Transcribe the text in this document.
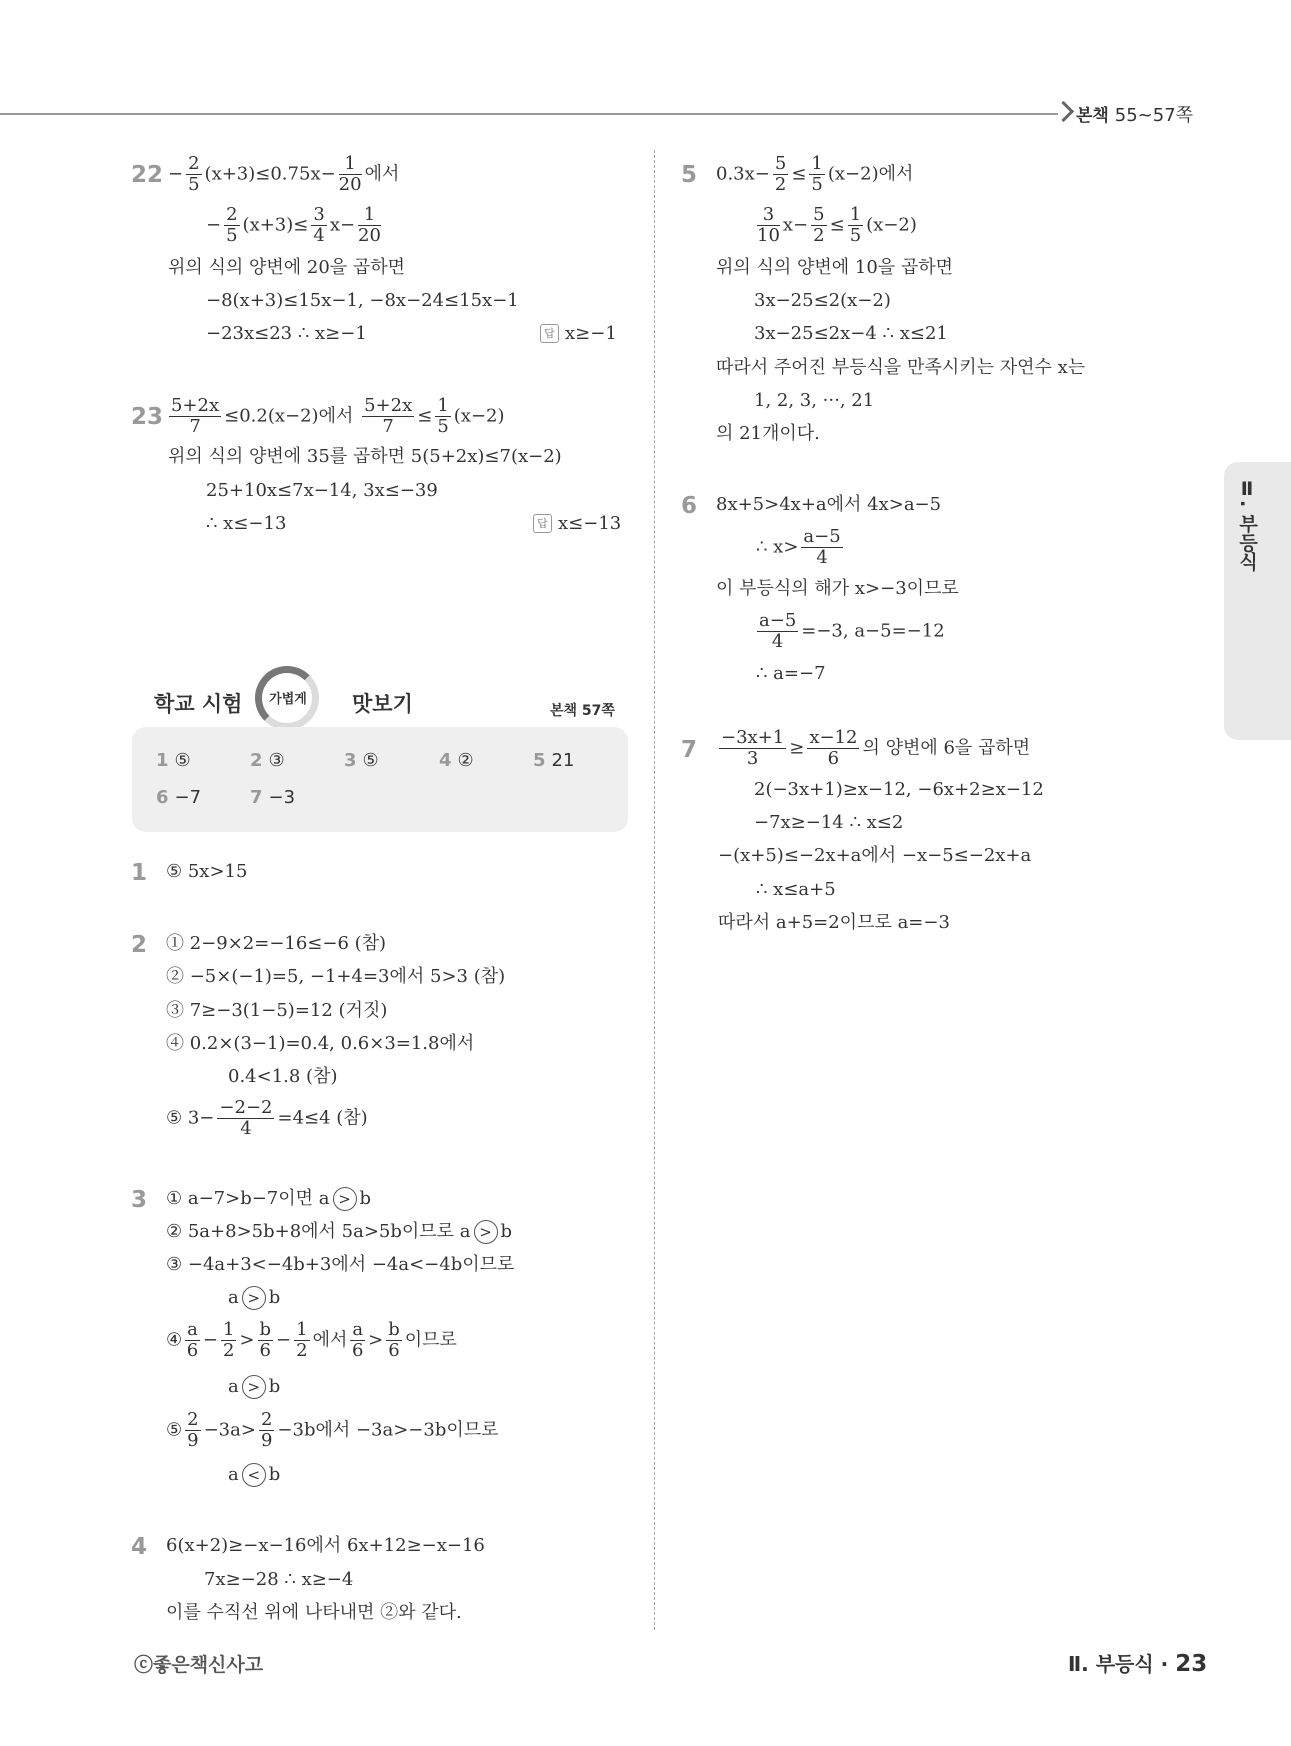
본책 55~57쪽
Ⅱ. 부등식
$22 - \frac{2}{5} (x+3)\le 0.75x- \frac{1}{20}$ 에서
− $\frac{2}{5} (x+3)\le \frac{3}{4} x- \frac{1}{20}$
위의 식의 양변에 20을 곱하면
−8(x+3)≤15x−1, −8x−24≤15x−1
−23x≤23 ∴ x≥−1	답 x≥−1
$23 \frac{5+2x}{7} \le 0.2(x-2)$에서 $\frac{5+2x}{7} \le \frac{1}{5} (x-2)$
위의 식의 양변에 35를 곱하면 5(5+2x)≤7(x−2)
25+10x≤7x−14, 3x≤−39
∴ x≤−13	답 x≤−13
학교 시험	가볍게	맛보기	본책 57쪽
1 ⑤	2 ③	3 ⑤	4 ②	5 21
6 −7	7 −3
1 ⑤ 5x>15
2 ① 2−9×2=−16≤−6 (참)
② −5×(−1)=5, −1+4=3에서 5>3 (참)
③ 7≥−3(1−5)=12 (거짓)
④ 0.2×(3−1)=0.4, 0.6×3=1.8에서
0.4<1.8 (참)
⑤ $3- \frac{-2-2}{4} =4\le 4$ (참)
3 ① a−7>b−7이면 a > b
② 5a+8>5b+8에서 5a>5b이므로 a > b
③ −4a+3<−4b+3에서 −4a<−4b이므로
a > b
④ $\frac{a}{6} - \frac{1}{2} > \frac{b}{6} - \frac{1}{2}$ 에서 $\frac{a}{6} > \frac{b}{6}$ 이므로
a > b
⑤ $\frac{2}{9} -3a> \frac{2}{9} -3b$에서 −3a>−3b이므로
a < b
4 6(x+2)≥−x−16에서 6x+12≥−x−16
7x≥−28 ∴ x≥−4
이를 수직선 위에 나타내면 ②와 같다.
5 $0.3x- \frac{5}{2} \le \frac{1}{5} (x-2)$에서
$\frac{3}{10} x- \frac{5}{2} \le \frac{1}{5} (x-2)$
위의 식의 양변에 10을 곱하면
3x−25≤2(x−2)
3x−25≤2x−4 ∴ x≤21
따라서 주어진 부등식을 만족시키는 자연수 x는
1, 2, 3, ···, 21
의 21개이다.
6 8x+5>4x+a에서 4x>a−5
∴ $x> \frac{a-5}{4}$
이 부등식의 해가 x>−3이므로
$\frac{a-5}{4} =-3$, a−5=−12
∴ a=−7
$7 \frac{-3x+1}{3} \ge \frac{x-12}{6}$ 의 양변에 6을 곱하면
2(−3x+1)≥x−12, −6x+2≥x−12
−7x≥−14 ∴ x≤2
−(x+5)≤−2x+a에서 −x−5≤−2x+a
∴ x≤a+5
따라서 a+5=2이므로 a=−3
ⓒ좋은책신사고	Ⅱ. 부등식 · 23
